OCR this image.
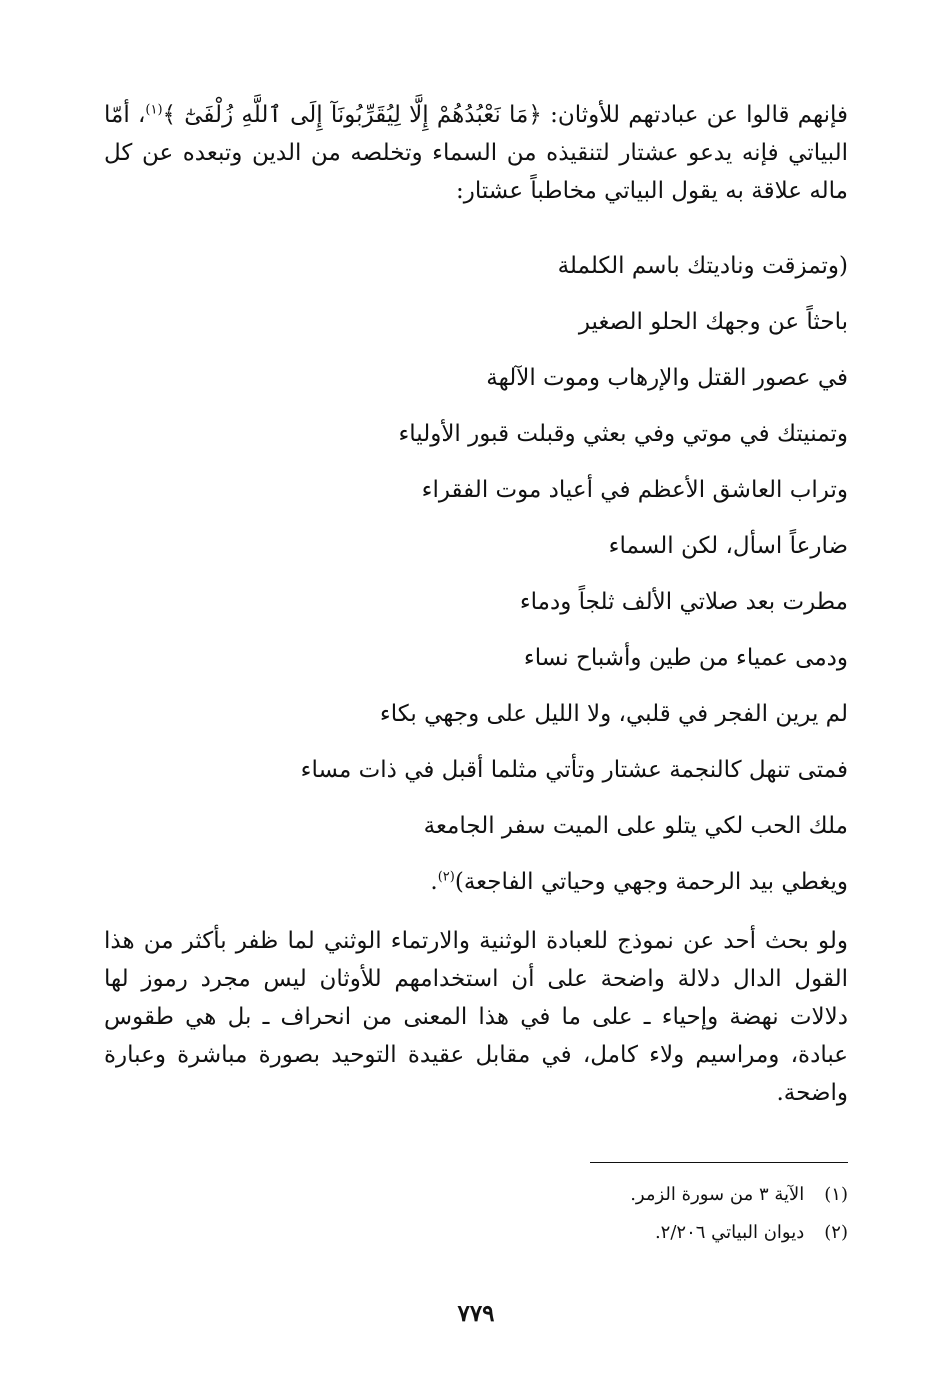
فإنهم قالوا عن عبادتهم للأوثان: ﴿مَا نَعْبُدُهُمْ إِلَّا لِيُقَرِّبُونَآ إِلَى ٱللَّهِ زُلْفَىٰٓ ﴾$^{(١)}$، أمّا البياتي فإنه يدعو عشتار لتنقيذه من السماء وتخلصه من الدين وتبعده عن كل ماله علاقة به يقول البياتي مخاطباً عشتار:

(وتمزقت وناديتك باسم الكلملة
باحثاً عن وجهك الحلو الصغير
في عصور القتل والإرهاب وموت الآلهة
وتمنيتك في موتي وفي بعثي وقبلت قبور الأولياء
وتراب العاشق الأعظم في أعياد موت الفقراء
ضارعاً اسأل، لكن السماء
مطرت بعد صلاتي الألف ثلجاً ودماء
ودمى عمياء من طين وأشباح نساء
لم يرين الفجر في قلبي، ولا الليل على وجهي بكاء
فمتى تنهل كالنجمة عشتار وتأتي مثلما أقبل في ذات مساء
ملك الحب لكي يتلو على الميت سفر الجامعة
ويغطي بيد الرحمة وجهي وحياتي الفاجعة)$^{(٢)}$.

ولو بحث أحد عن نموذج للعبادة الوثنية والارتماء الوثني لما ظفر بأكثر من هذا القول الدال دلالة واضحة على أن استخدامهم للأوثان ليس مجرد رموز لها دلالات نهضة وإحياء ـ على ما في هذا المعنى من انحراف ـ بل هي طقوس عبادة، ومراسيم ولاء كامل، في مقابل عقيدة التوحيد بصورة مباشرة وعبارة واضحة.

(١) الآية ٣ من سورة الزمر.
(٢) ديوان البياتي ٢/٢٠٦.
٧٧٩
